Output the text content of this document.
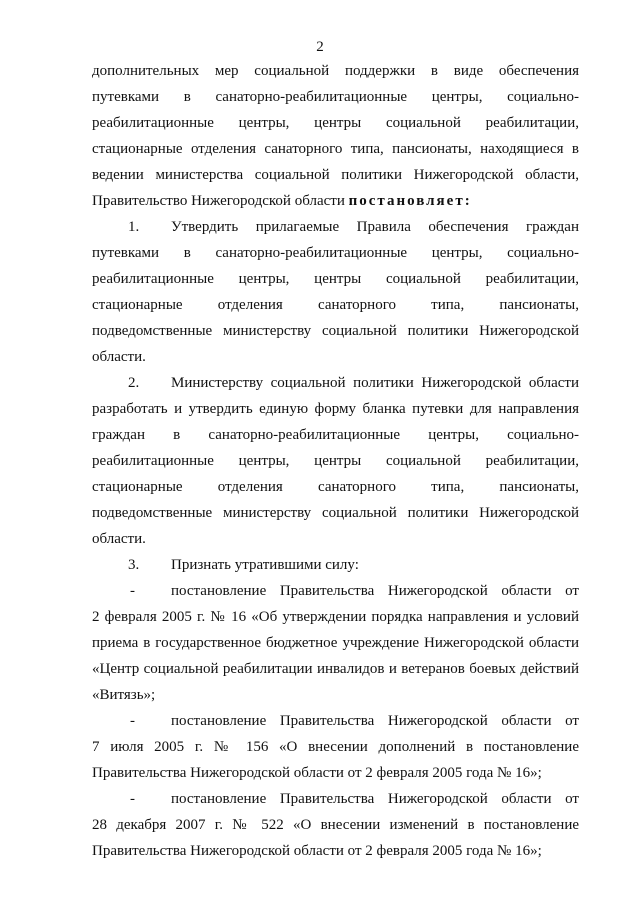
2
дополнительных мер социальной поддержки в виде обеспечения
путевками в санаторно-реабилитационные центры, социально-
реабилитационные центры, центры социальной реабилитации,
стационарные отделения санаторного типа, пансионаты, находящиеся в
ведении министерства социальной политики Нижегородской области,
Правительство Нижегородской области постановляет:
1. Утвердить прилагаемые Правила обеспечения граждан
путевками в санаторно-реабилитационные центры, социально-
реабилитационные центры, центры социальной реабилитации,
стационарные отделения санаторного типа, пансионаты,
подведомственные министерству социальной политики Нижегородской
области.
2. Министерству социальной политики Нижегородской области
разработать и утвердить единую форму бланка путевки для направления
граждан в санаторно-реабилитационные центры, социально-
реабилитационные центры, центры социальной реабилитации,
стационарные отделения санаторного типа, пансионаты,
подведомственные министерству социальной политики Нижегородской
области.
3. Признать утратившими силу:
- постановление Правительства Нижегородской области от
2 февраля 2005 г. № 16 «Об утверждении порядка направления и условий
приема в государственное бюджетное учреждение Нижегородской области
«Центр социальной реабилитации инвалидов и ветеранов боевых действий
«Витязь»;
- постановление Правительства Нижегородской области от
7 июля 2005 г. № 156 «О внесении дополнений в постановление
Правительства Нижегородской области от 2 февраля 2005 года № 16»;
- постановление Правительства Нижегородской области от
28 декабря 2007 г. № 522 «О внесении изменений в постановление
Правительства Нижегородской области от 2 февраля 2005 года № 16»;
